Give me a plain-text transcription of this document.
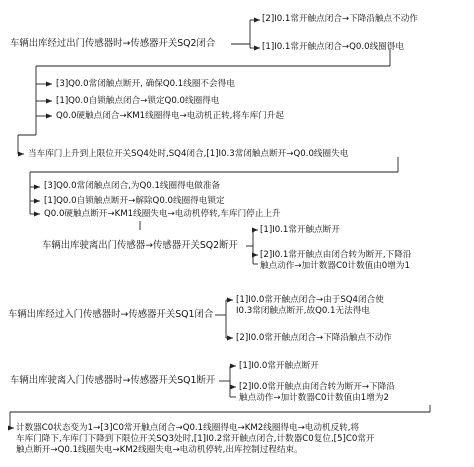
车辆出库经过出门传感器时→传感器开关SQ2闭合
[2]I0.1常开触点闭合→下降沿触点不动作
[1]I0.1常开触点闭合→Q0.0线圈得电
[3]Q0.0常闭触点断开, 确保Q0.1线圈不会得电
[1]Q0.0自锁触点闭合→锁定Q0.0线圈得电
Q0.0硬触点闭合→KM1线圈得电→电动机正转,将车库门升起
当车库门上升到上限位开关SQ4处时,SQ4闭合,[1]I0.3常闭触点断开→Q0.0线圈失电
[3]Q0.0常闭触点闭合,为Q0.1线圈得电做准备
[1]Q0.0自锁触点断开→解除Q0.0线圈得电锁定
Q0.0硬触点断开→KM1线圈失电→电动机停转,车库门停止上升
车辆出库驶离出门传感器→传感器开关SQ2断开
[1]I0.1常开触点断开
[2]I0.1常开触点由闭合转为断开,下降沿
触点动作→加计数器C0计数值由0增为1
车辆出库经过入门传感器时→传感器开关SQ1闭合
[1]I0.0常开触点闭合→由于SQ4闭合使
I0.3常闭触点断开,故Q0.1无法得电
[2]I0.0常开触点闭合→下降沿触点不动作
车辆出库驶离入门传感器时→传感器开关SQ1断开
[1]I0.0常开触点断开
[2]I0.0常开触点由闭合转为断开→下降沿
触点动作→加计数器C0计数值由1增为2
计数器C0状态变为1→[3]C0常开触点闭合→Q0.1线圈得电→KM2线圈得电→电动机反转,将
车库门降下,车库门下降到下限位开关SQ3处时,[1]I0.2常开触点闭合,计数器C0复位,[5]C0常开
触点断开→Q0.1线圈失电→KM2线圈失电→电动机停转,出库控制过程结束。
